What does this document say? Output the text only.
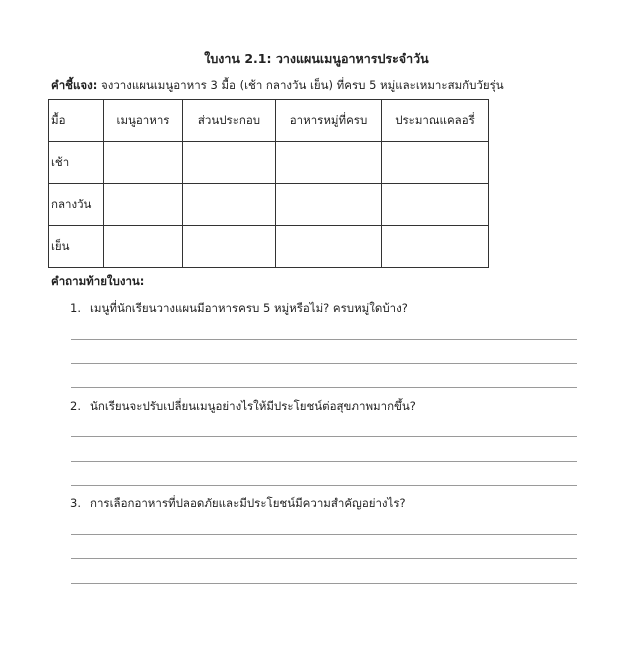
ใบงาน 2.1: วางแผนเมนูอาหารประจำวัน
คำชี้แจง: จงวางแผนเมนูอาหาร 3 มื้อ (เช้า กลางวัน เย็น) ที่ครบ 5 หมู่และเหมาะสมกับวัยรุ่น
มื้อ	เมนูอาหาร	ส่วนประกอบ	อาหารหมู่ที่ครบ	ประมาณแคลอรี่
เช้า				
กลางวัน				
เย็น				
คำถามท้ายใบงาน:
1. เมนูที่นักเรียนวางแผนมีอาหารครบ 5 หมู่หรือไม่? ครบหมู่ใดบ้าง?
2. นักเรียนจะปรับเปลี่ยนเมนูอย่างไรให้มีประโยชน์ต่อสุขภาพมากขึ้น?
3. การเลือกอาหารที่ปลอดภัยและมีประโยชน์มีความสำคัญอย่างไร?
